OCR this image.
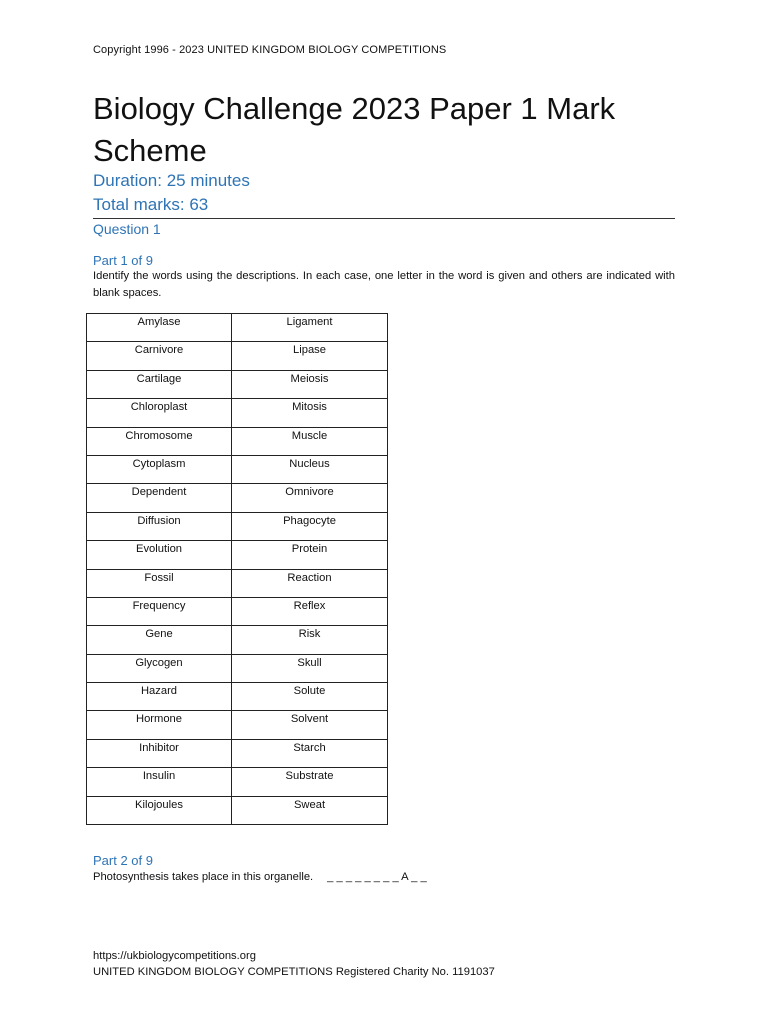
Copyright 1996 - 2023 UNITED KINGDOM BIOLOGY COMPETITIONS
Biology Challenge 2023 Paper 1 Mark Scheme
Duration: 25 minutes
Total marks: 63
Question 1
Part 1 of 9
Identify the words using the descriptions. In each case, one letter in the word is given and others are indicated with blank spaces.
Amylase	Ligament
Carnivore	Lipase
Cartilage	Meiosis
Chloroplast	Mitosis
Chromosome	Muscle
Cytoplasm	Nucleus
Dependent	Omnivore
Diffusion	Phagocyte
Evolution	Protein
Fossil	Reaction
Frequency	Reflex
Gene	Risk
Glycogen	Skull
Hazard	Solute
Hormone	Solvent
Inhibitor	Starch
Insulin	Substrate
Kilojoules	Sweat
Part 2 of 9
Photosynthesis takes place in this organelle. _ _ _ _ _ _ _ _ A _ _
https://ukbiologycompetitions.org
UNITED KINGDOM BIOLOGY COMPETITIONS Registered Charity No. 1191037
